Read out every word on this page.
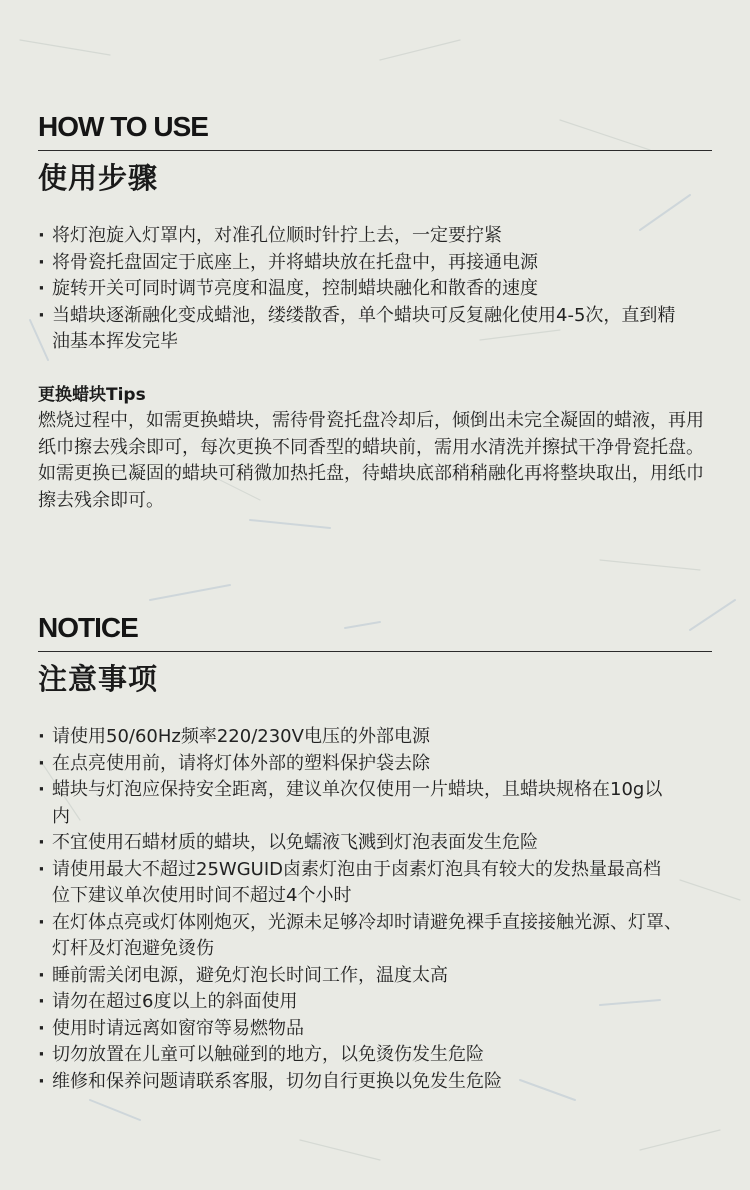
HOW TO USE
使用步骤
· 将灯泡旋入灯罩内，对准孔位顺时针拧上去，一定要拧紧
· 将骨瓷托盘固定于底座上，并将蜡块放在托盘中，再接通电源
· 旋转开关可同时调节亮度和温度，控制蜡块融化和散香的速度
· 当蜡块逐渐融化变成蜡池，缕缕散香，单个蜡块可反复融化使用4-5次，直到精油基本挥发完毕
更换蜡块Tips

燃烧过程中，如需更换蜡块，需待骨瓷托盘冷却后，倾倒出未完全凝固的蜡液，再用纸巾擦去残余即可，每次更换不同香型的蜡块前，需用水清洗并擦拭干净骨瓷托盘。

如需更换已凝固的蜡块可稍微加热托盘，待蜡块底部稍稍融化再将整块取出，用纸巾擦去残余即可。

NOTICE
注意事项
· 请使用50/60Hz频率220/230V电压的外部电源
· 在点亮使用前，请将灯体外部的塑料保护袋去除
· 蜡块与灯泡应保持安全距离，建议单次仅使用一片蜡块，且蜡块规格在10g以内
· 不宜使用石蜡材质的蜡块，以免蠕液飞溅到灯泡表面发生危险
· 请使用最大不超过25WGUID卤素灯泡由于卤素灯泡具有较大的发热量最高档位下建议单次使用时间不超过4个小时
· 在灯体点亮或灯体刚炮灭，光源未足够冷却时请避免裸手直接接触光源、灯罩、灯杆及灯泡避免烫伤
· 睡前需关闭电源，避免灯泡长时间工作，温度太高
· 请勿在超过6度以上的斜面使用
· 使用时请远离如窗帘等易燃物品
· 切勿放置在儿童可以触碰到的地方，以免烫伤发生危险
· 维修和保养问题请联系客服，切勿自行更换以免发生危险
